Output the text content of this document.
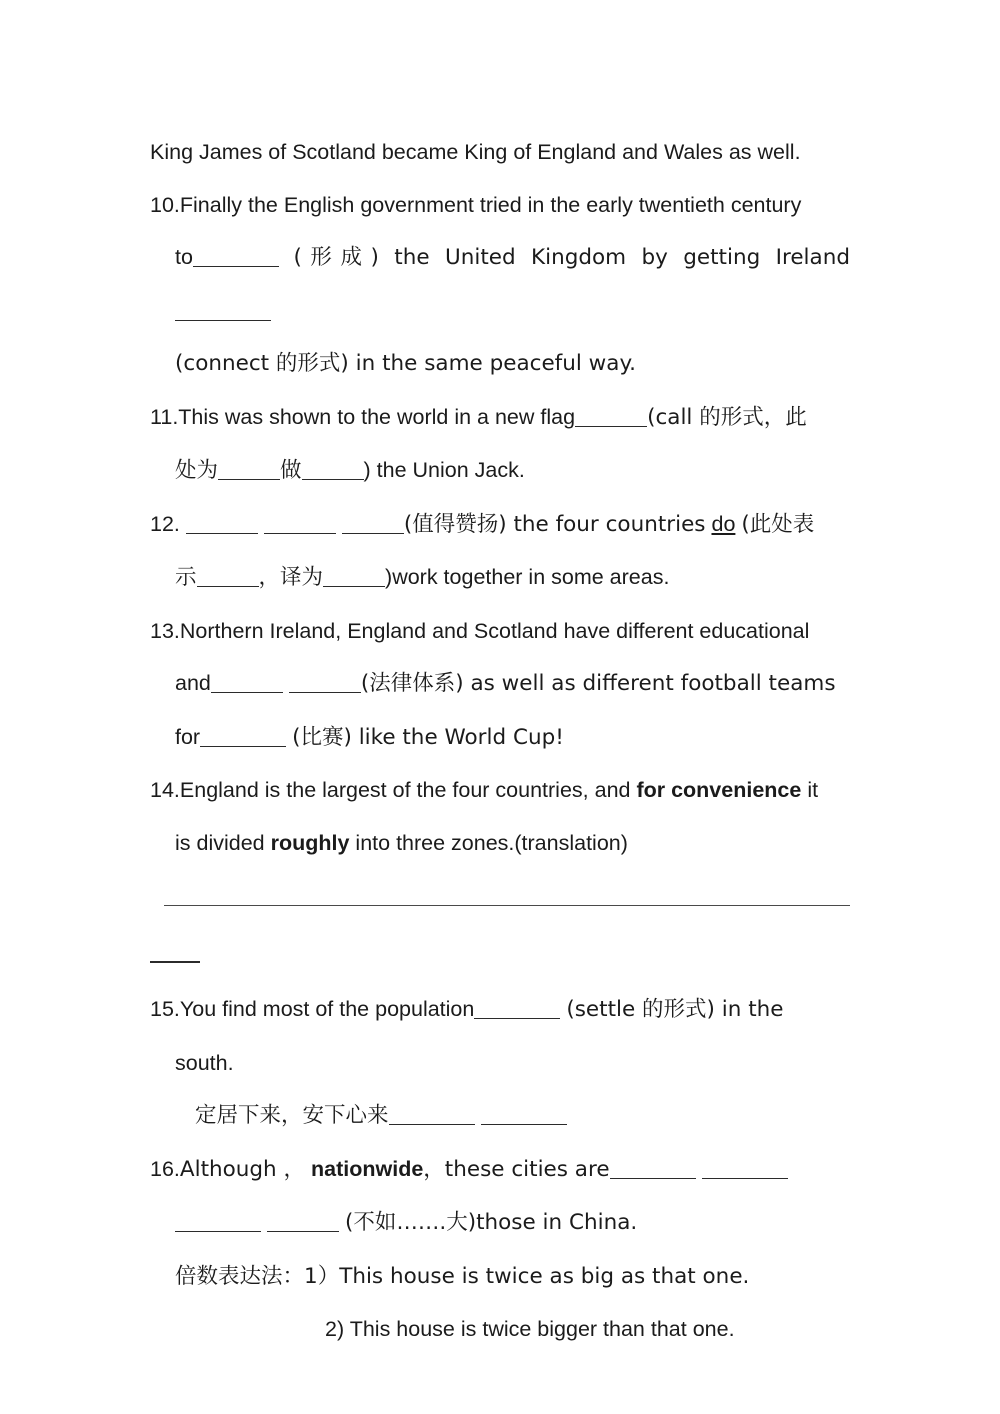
King James of Scotland became King of England and Wales as well.

10.Finally the English government tried in the early twentieth century

to	(形成) the United Kingdom by getting Ireland

(connect 的形式) in the same peaceful way.

11.This was shown to the world in a new flag	(call 的形式，此

处为	做	) the Union Jack.

12.	(值得赞扬) the four countries do (此处表

示	，译为	)work together in some areas.

13.Northern Ireland, England and Scotland have different educational

and	(法律体系) as well as different football teams

for	(比赛) like the World Cup!

14.England is the largest of the four countries, and for convenience it

is divided roughly into three zones.(translation)

15.You find most of the population	(settle 的形式) in the

south.

定居下来，安下心来

16.Although ， nationwide，these cities are

(不如…….大)those in China.

倍数表达法：1）This house is twice as big as that one.

2) This house is twice bigger than that one.
